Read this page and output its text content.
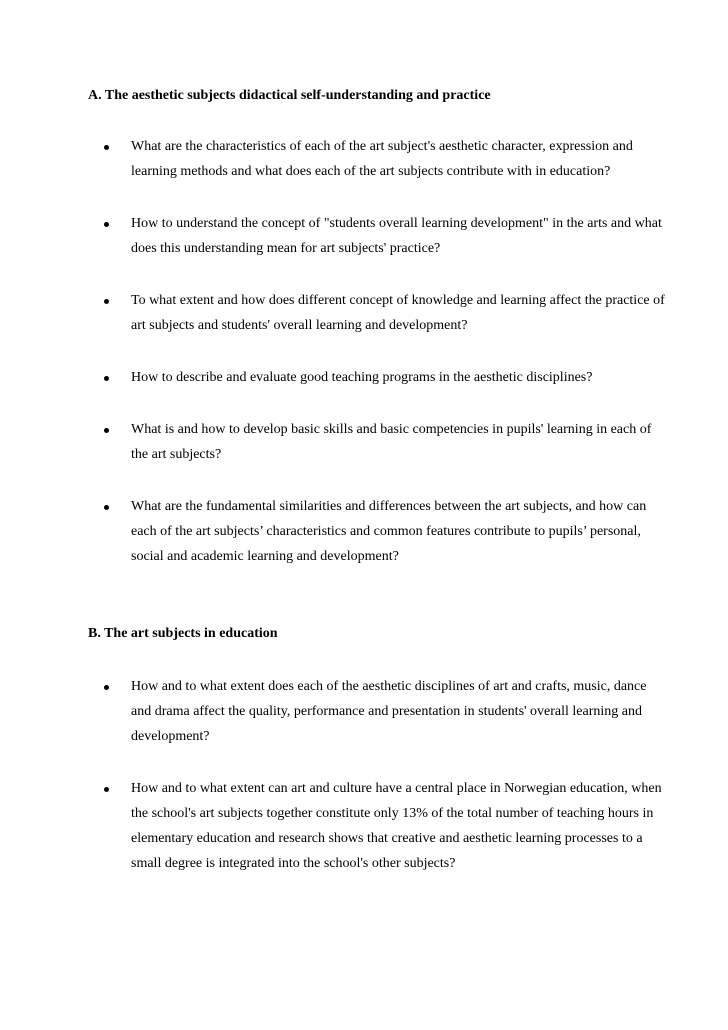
A. The aesthetic subjects didactical self-understanding and practice
What are the characteristics of each of the art subject's aesthetic character, expression and learning methods and what does each of the art subjects contribute with in education?
How to understand the concept of "students overall learning development" in the arts and what does this understanding mean for art subjects' practice?
To what extent and how does different concept of knowledge and learning affect the practice of art subjects and students' overall learning and development?
How to describe and evaluate good teaching programs in the aesthetic disciplines?
What is and how to develop basic skills and basic competencies in pupils' learning in each of the art subjects?
What are the fundamental similarities and differences between the art subjects, and how can each of the art subjects’ characteristics and common features contribute to pupils’ personal, social and academic learning and development?
B. The art subjects in education
How and to what extent does each of the aesthetic disciplines of art and crafts, music, dance and drama affect the quality, performance and presentation in students' overall learning and development?
How and to what extent can art and culture have a central place in Norwegian education, when the school's art subjects together constitute only 13% of the total number of teaching hours in elementary education and research shows that creative and aesthetic learning processes to a small degree is integrated into the school's other subjects?
